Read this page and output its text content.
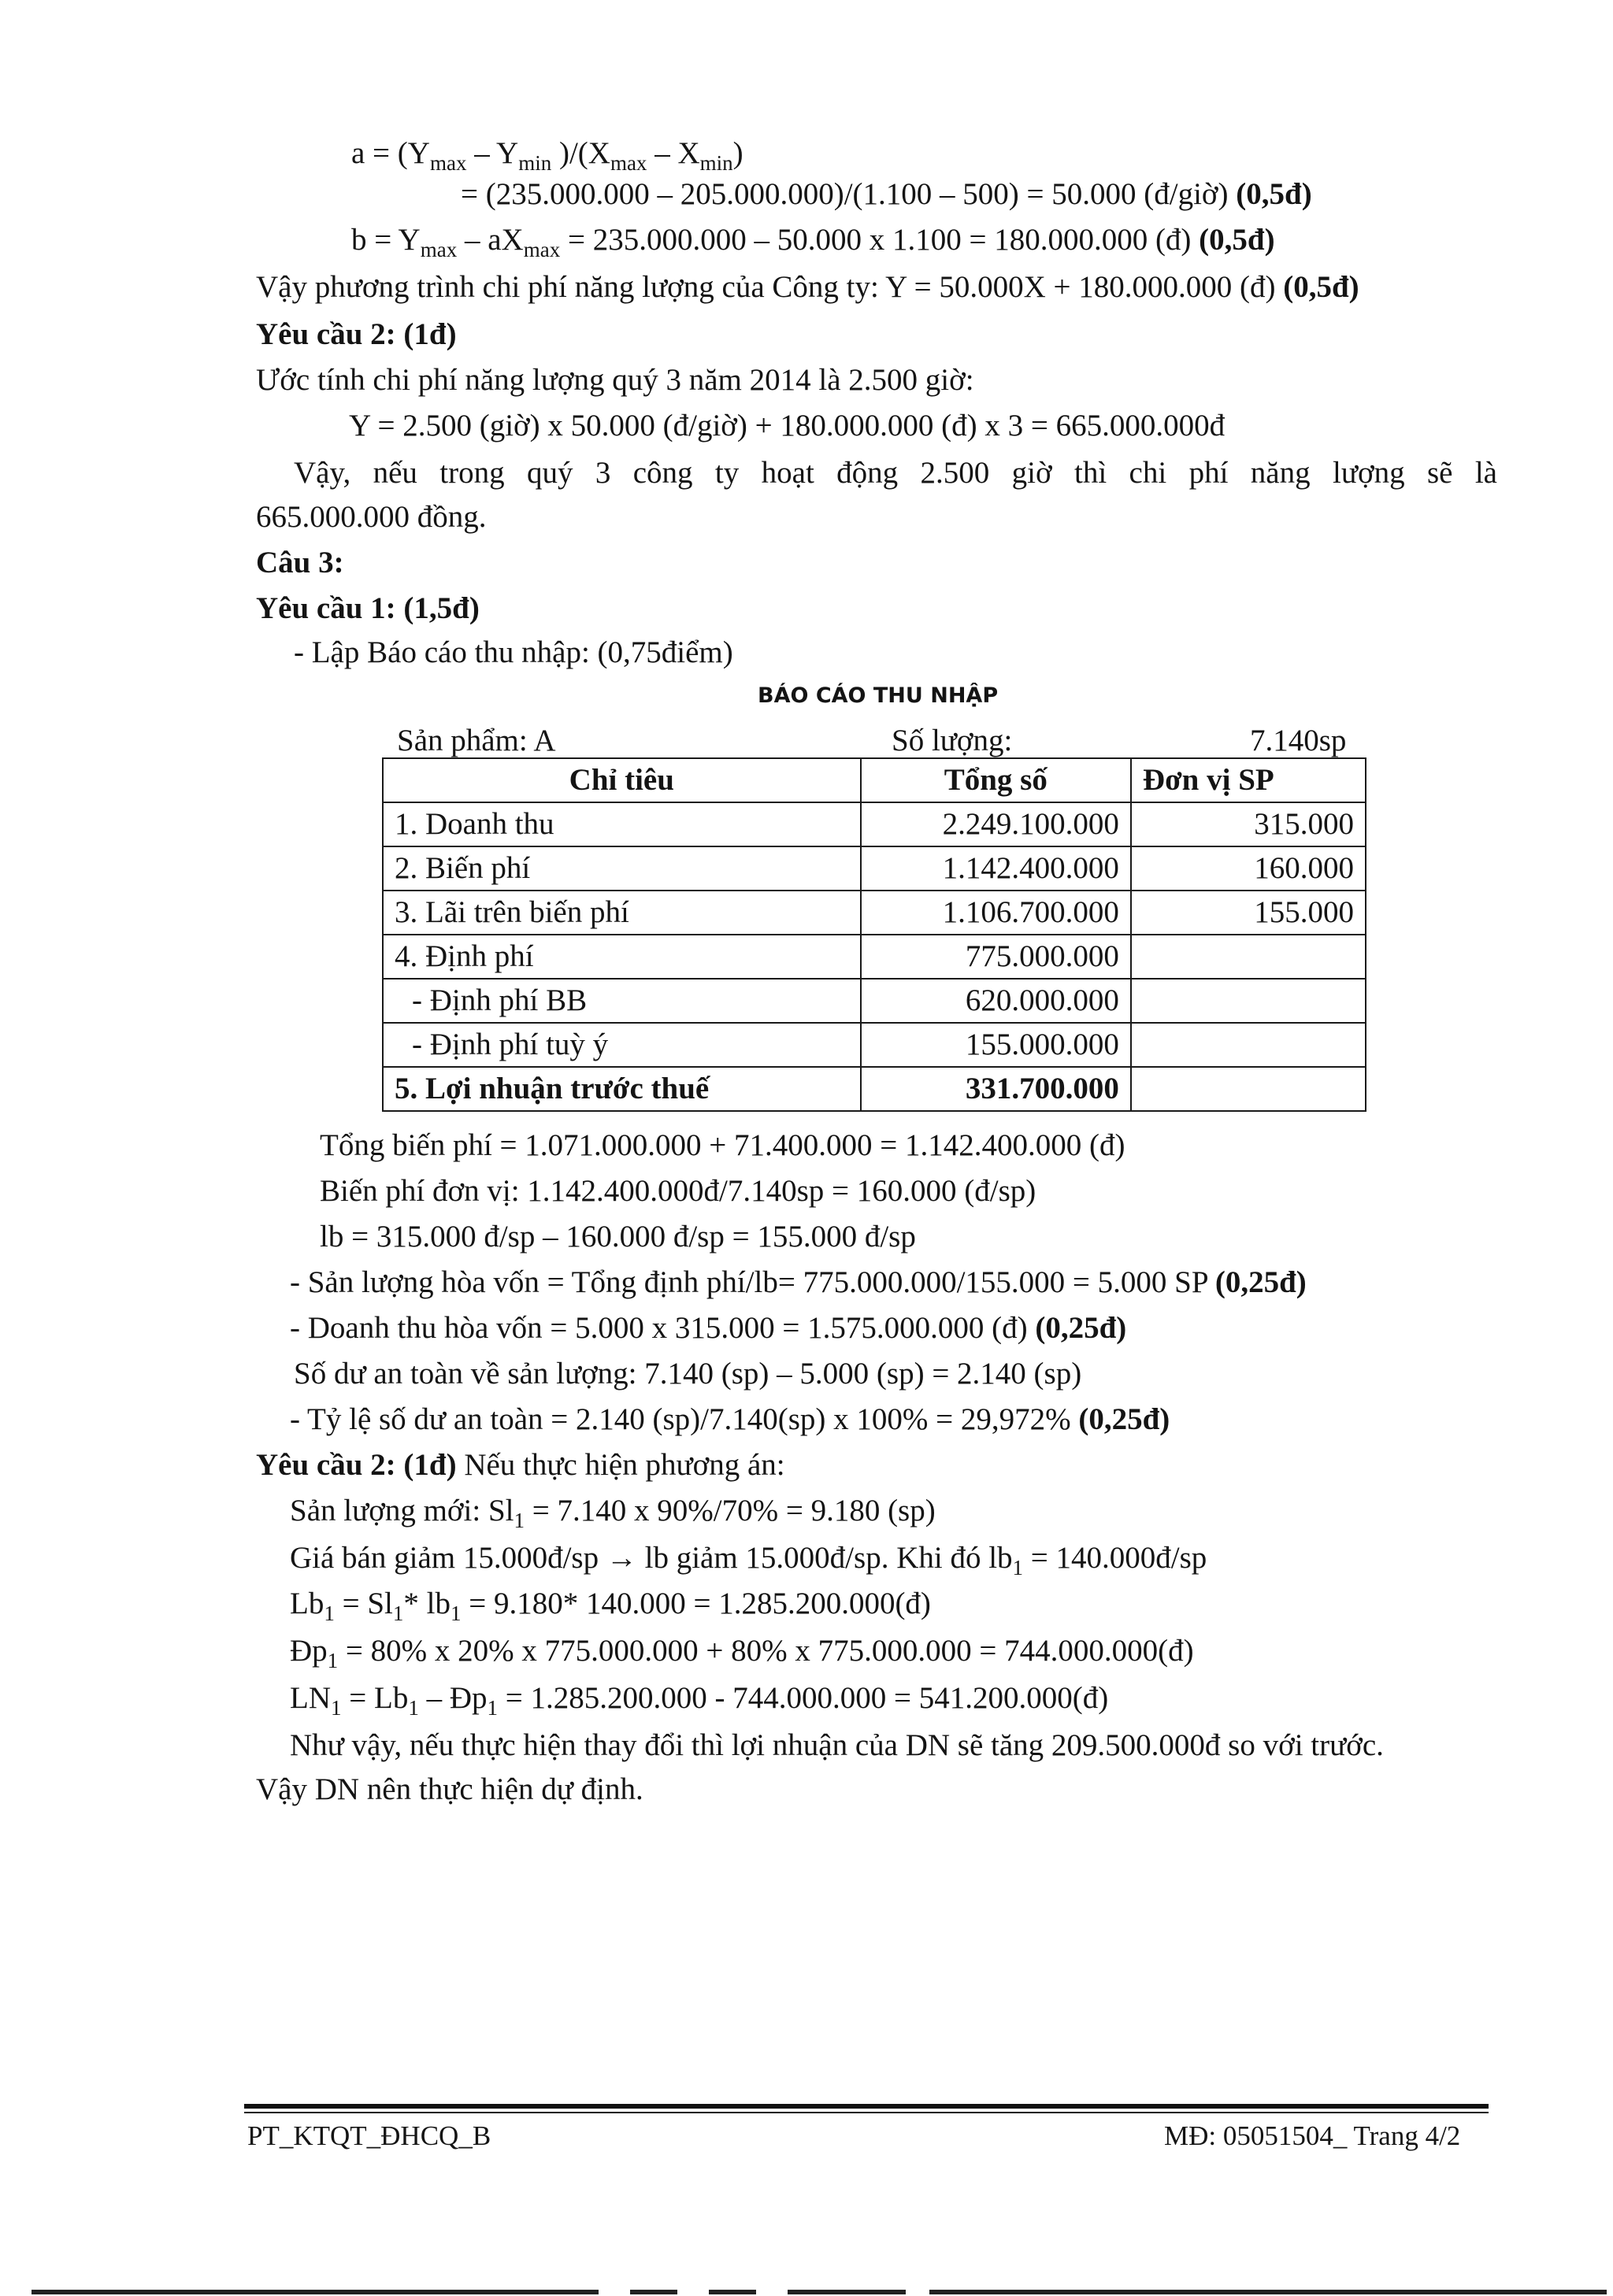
$a = (Y_{max} - Y_{min}$ )$/(X_{max} - X_{min})$
= (235.000.000 – 205.000.000)/(1.100 – 500) = 50.000 (đ/giờ) (0,5đ)
$b = Y_{max} - aX_{max} = 235.000.000 - 50.000$ x 1.100 = 180.000.000 (đ) (0,5đ)
Vậy phương trình chi phí năng lượng của Công ty: Y = 50.000X + 180.000.000 (đ) (0,5đ)
Yêu cầu 2: (1đ)
Ước tính chi phí năng lượng quý 3 năm 2014 là 2.500 giờ:
Y = 2.500 (giờ) x 50.000 (đ/giờ) + 180.000.000 (đ) x 3 = 665.000.000đ
Vậy, nếu trong quý 3 công ty hoạt động 2.500 giờ thì chi phí năng lượng sẽ là
665.000.000 đồng.
Câu 3:
Yêu cầu 1: (1,5đ)
- Lập Báo cáo thu nhập: (0,75điểm)
BÁO CÁO THU NHẬP
Sản phẩm: A	Số lượng:	7.140sp
Chỉ tiêu	Tổng số	Đơn vị SP
1. Doanh thu	2.249.100.000	315.000
2. Biến phí	1.142.400.000	160.000
3. Lãi trên biến phí	1.106.700.000	155.000
4. Định phí	775.000.000	
- Định phí BB	620.000.000	
- Định phí tuỳ ý	155.000.000	
5. Lợi nhuận trước thuế	331.700.000	
Tổng biến phí = 1.071.000.000 + 71.400.000 = 1.142.400.000 (đ)
Biến phí đơn vị: 1.142.400.000đ/7.140sp = 160.000 (đ/sp)
lb = 315.000 đ/sp – 160.000 đ/sp = 155.000 đ/sp
- Sản lượng hòa vốn = Tổng định phí/lb= 775.000.000/155.000 = 5.000 SP (0,25đ)
- Doanh thu hòa vốn = 5.000 x 315.000 = 1.575.000.000 (đ) (0,25đ)
Số dư an toàn về sản lượng: 7.140 (sp) – 5.000 (sp) = 2.140 (sp)
- Tỷ lệ số dư an toàn = 2.140 (sp)/7.140(sp) x 100% = 29,972% (0,25đ)
Yêu cầu 2: (1đ) Nếu thực hiện phương án:
Sản lượng mới: $Sl_1 = 7.140$ x 90%/70% = 9.180 (sp)
Giá bán giảm 15.000đ/sp → lb giảm 15.000đ/sp. Khi đó $lb_1$ = 140.000đ/sp
$Lb_1 = Sl_1*$ $lb_1 = 9.180*$ 140.000 = 1.285.200.000(đ)
$Đp_1 = 80\%$ x 20% x 775.000.000 + 80% x 775.000.000 = 744.000.000(đ)
$LN_1 = Lb_1$ – $Đp_1 = 1.285.200.000 - 744.000.000$ = 541.200.000(đ)
Như vậy, nếu thực hiện thay đổi thì lợi nhuận của DN sẽ tăng 209.500.000đ so với trước.
Vậy DN nên thực hiện dự định.
PT_KTQT_ĐHCQ_B	MĐ: 05051504_ Trang 4/2
